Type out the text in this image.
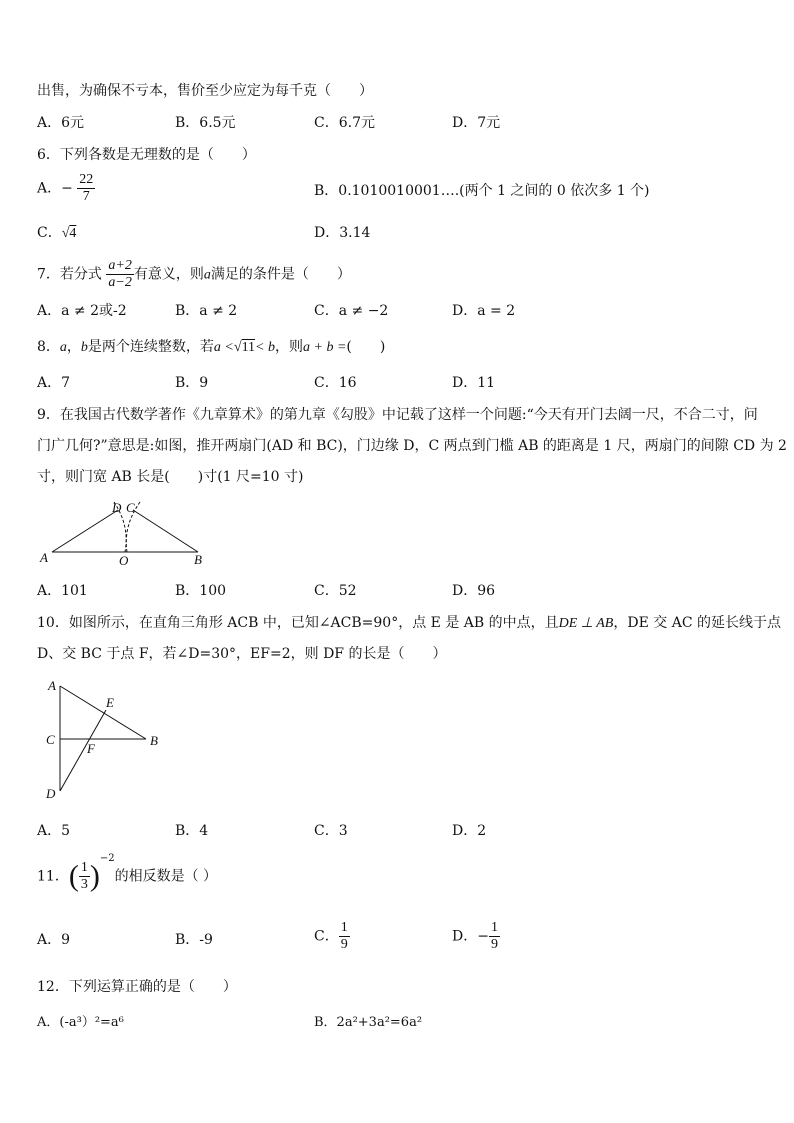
出售，为确保不亏本，售价至少应定为每千克（　　）
A．6元	B．6.5元	C．6.7元	D．7元
6．下列各数是无理数的是（　　）
A．− $\frac{22}{7}$	B．0.1010010001….(两个 1 之间的 0 依次多 1 个)
C．√4	D．3.14
7．若分式 $\frac{a+2}{a-2}$ 有意义，则a满足的条件是（　　）
A．a ≠ 2或-2	B．a ≠ 2	C．a ≠ −2	D．a = 2
8．a，b是两个连续整数，若a <√11< b，则a + b =(　　)
A．7	B．9	C．16	D．11
9．在我国古代数学著作《九章算术》的第九章《勾股》中记载了这样一个问题:“今天有开门去阔一尺，不合二寸，问
门广几何?”意思是:如图，推开两扇门(AD 和 BC)，门边缘 D，C 两点到门槛 AB 的距离是 1 尺，两扇门的间隙 CD 为 2
寸，则门宽 AB 长是(　　)寸(1 尺=10 寸)
A	B
D C
O
A．101	B．100	C．52	D．96
10．如图所示，在直角三角形 ACB 中，已知∠ACB=90°，点 E 是 AB 的中点，且DE ⊥ AB，DE 交 AC 的延长线于点
D、交 BC 于点 F，若∠D=30°，EF=2，则 DF 的长是（　　）
A
E
C	B
F
D
A．5	B．4	C．3	D．2
11．( $\frac{1}{3} )^{-2}$的相反数是（ ）
A．9	B．-9	C． $\frac{1}{9}$	D．− $\frac{1}{9}$
12．下列运算正确的是（　　）
A．(-a³）²=a⁶	B．2a²+3a²=6a²
